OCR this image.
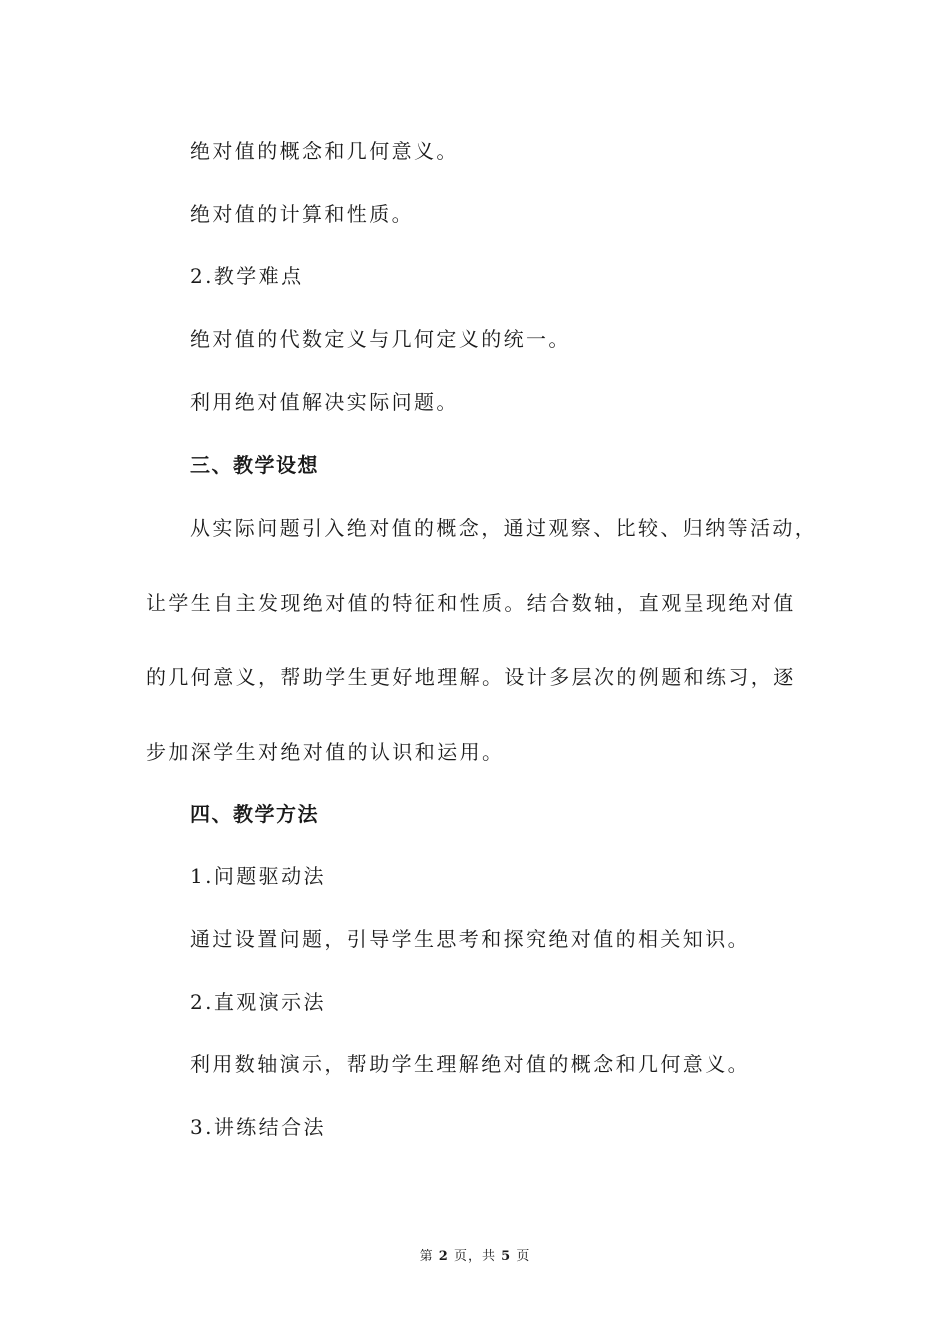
绝对值的概念和几何意义。
绝对值的计算和性质。
2.教学难点
绝对值的代数定义与几何定义的统一。
利用绝对值解决实际问题。
三、教学设想
从实际问题引入绝对值的概念，通过观察、比较、归纳等活动，
让学生自主发现绝对值的特征和性质。结合数轴，直观呈现绝对值
的几何意义，帮助学生更好地理解。设计多层次的例题和练习，逐
步加深学生对绝对值的认识和运用。
四、教学方法
1.问题驱动法
通过设置问题，引导学生思考和探究绝对值的相关知识。
2.直观演示法
利用数轴演示，帮助学生理解绝对值的概念和几何意义。
3.讲练结合法
第 2 页，共 5 页
